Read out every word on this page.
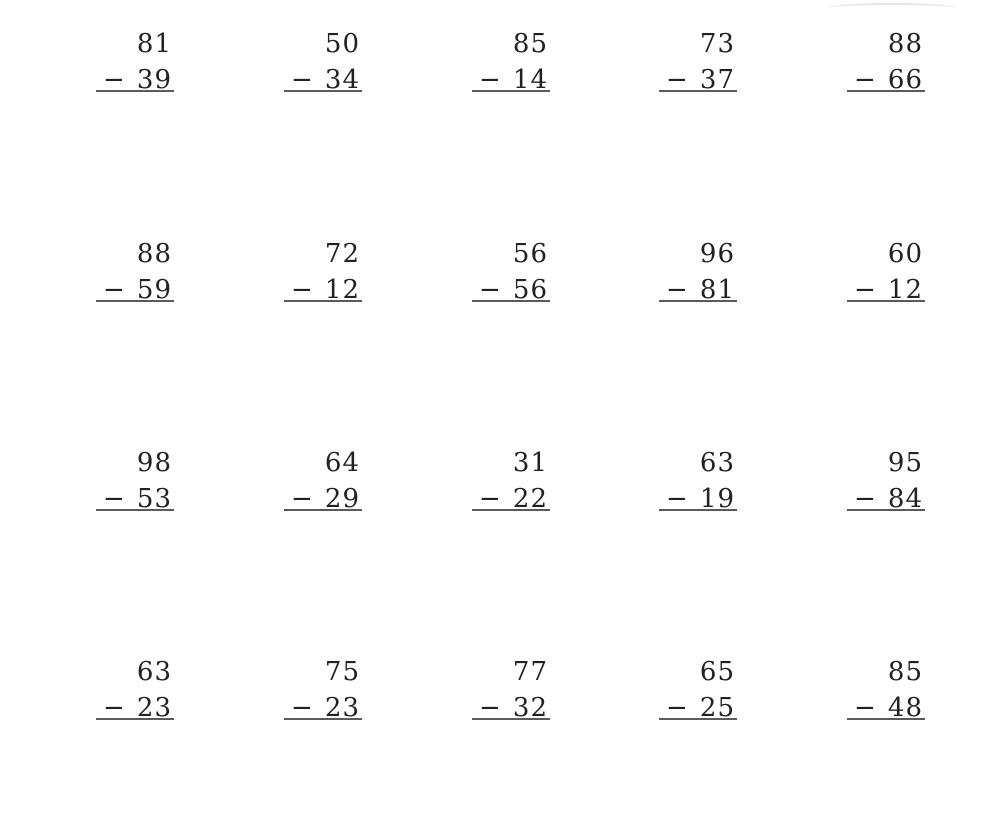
81
− 39
50
− 34
85
− 14
73
− 37
88
− 66
88
− 59
72
− 12
56
− 56
96
− 81
60
− 12
98
− 53
64
− 29
31
− 22
63
− 19
95
− 84
63
− 23
75
− 23
77
− 32
65
− 25
85
− 48
